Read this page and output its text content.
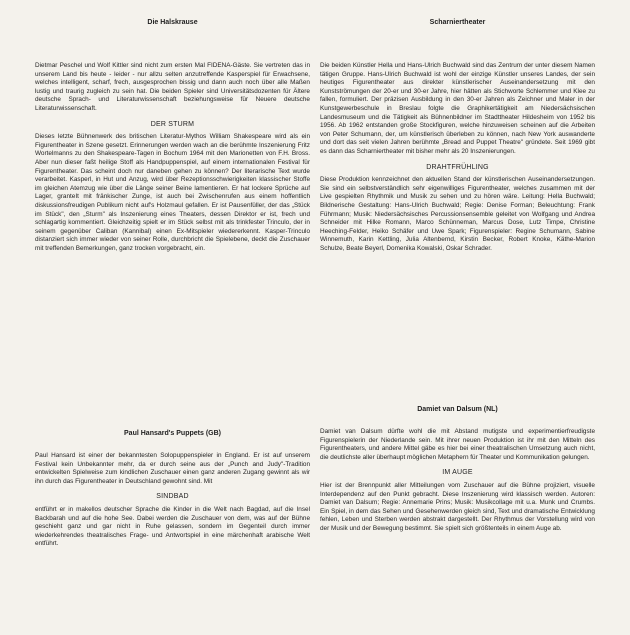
Die Halskrause

Dietmar Peschel und Wolf Kittler sind nicht zum ersten Mal FIDENA-Gäste. Sie vertreten das in unserem Land bis heute - leider - nur allzu selten anzutreffende Kasperspiel für Erwachsene, welches intelligent, scharf, frech, ausgesprochen bissig und dann auch noch über alle Maßen lustig und traurig zugleich zu sein hat. Die beiden Spieler sind Universitätsdozenten für Ältere deutsche Sprach- und Literaturwissenschaft beziehungsweise für Neuere deutsche Literaturwissenschaft.

DER STURM

Dieses letzte Bühnenwerk des britischen Literatur-Mythos William Shakespeare wird als ein Figurentheater in Szene gesetzt. Erinnerungen werden wach an die berühmte Inszenierung Fritz Wortelmanns zu den Shakespeare-Tagen in Bochum 1964 mit den Marionetten von F.H. Bross. Aber nun dieser faßt heilige Stoff als Handpuppenspiel, auf einem internationalen Festival für Figurentheater. Das scheint doch nur daneben gehen zu können? Der literarische Text wurde verarbeitet. Kasperl, in Hut und Anzug, wird über Rezeptionsschwierigkeiten klassischer Stoffe im gleichen Atemzug wie über die Länge seiner Beine lamentieren. Er hat lockere Sprüche auf Lager, granteIt mit fränkischer Zunge, ist auch bei Zwischenrufen aus einem hoffentlich diskussionsfreudigen Publikum nicht auf's Holzmaul gefallen. Er ist Pausenfüller, der das „Stück im Stück", den „Sturm" als Inszenierung eines Theaters, dessen Direktor er ist, frech und schlagartig kommentiert. Gleichzeitig spielt er im Stück selbst mit als trinkfester Trinculo, der in seinem gegenüber Caliban (Kannibal) einen Ex-Mitspieler wiedererkennt. Kasper-Trinculo distanziert sich immer wieder von seiner Rolle, durchbricht die Spielebene, deckt die Zuschauer mit treffenden Bemerkungen, ganz trocken vorgebracht, ein.

Scharniertheater

Die beiden Künstler Hella und Hans-Ulrich Buchwald sind das Zentrum der unter diesem Namen tätigen Gruppe. Hans-Ulrich Buchwald ist wohl der einzige Künstler unseres Landes, der sein heutiges Figurentheater aus direkter künstlerischer Auseinandersetzung mit den Kunstströmungen der 20-er und 30-er Jahre, hier hätten als Stichworte Schlemmer und Klee zu fallen, formuliert. Der präzisen Ausbildung in den 30-er Jahren als Zeichner und Maler in der Kunstgewerbeschule in Breslau folgte die Graphikertätigkeit am Niedersächsischen Landesmuseum und die Tätigkeit als Bühnenbildner im Stadttheater Hildesheim von 1952 bis 1956. Ab 1962 entstanden große Stockfiguren, welche hinzuweisen scheinen auf die Arbeiten von Peter Schumann, der, um künstlerisch überleben zu können, nach New York auswanderte und dort das seit vielen Jahren berühmte „Bread and Puppet Theatre" gründete. Seit 1969 gibt es dann das Scharniertheater mit bisher mehr als 20 Inszenierungen.

DRAHTFRÜHLING

Diese Produktion kennzeichnet den aktuellen Stand der künstlerischen Auseinandersetzungen. Sie sind ein selbstverständlich sehr eigenwilliges Figurentheater, welches zusammen mit der Live gespielten Rhythmik und Musik zu sehen und zu hören wäre. Leitung: Hella Buchwald; Bildnerische Gestaltung: Hans-Ulrich Buchwald; Regie: Denise Forman; Beleuchtung: Frank Führmann; Musik: Niedersächsisches Percussionsensemble geleitet von Wolfgang und Andrea Schneider mit Hilke Romann, Marco Schünneman, Marcus Dose, Lutz Timpe, Christine Heeching-Felder, Heiko Schäfer und Uwe Spark; Figurenspieler: Regine Schumann, Sabine Winnemuth, Karin Kettling, Julia Altenbernd, Kirstin Becker, Robert Knoke, Käthe-Marion Schulze, Beate Beyerl, Domenika Kowalski, Oskar Schrader.

Paul Hansard's Puppets (GB)

Paul Hansard ist einer der bekanntesten Solopuppenspieler in England. Er ist auf unserem Festival kein Unbekannter mehr, da er durch seine aus der „Punch and Judy"-Tradition entwickelten Spielweise zum kindlichen Zuschauer einen ganz anderen Zugang gewinnt als wir ihn durch das Figurentheater in Deutschland gewohnt sind. Mit

SINDBAD

entführt er in makellos deutscher Sprache die Kinder in die Welt nach Bagdad, auf die Insel Backbarah und auf die hohe See. Dabei werden die Zuschauer von dem, was auf der Bühne geschieht ganz und gar nicht in Ruhe gelassen, sondern im Gegenteil durch immer wiederkehrendes theatralisches Frage- und Antwortspiel in eine märchenhaft arabische Welt entführt.

Damiet van Dalsum (NL)

Damiet van Dalsum dürfte wohl die mit Abstand mutigste und experimentierfreudigste Figurenspielerin der Niederlande sein. Mit ihrer neuen Produktion ist ihr mit den Mitteln des Figurentheaters, und andere Mittel gäbe es hier bei einer theatralischen Umsetzung auch nicht, die deutlichste aller überhaupt möglichen Metaphern für Theater und Kommunikation gelungen.

IM AUGE

Hier ist der Brennpunkt aller Mitteilungen vom Zuschauer auf die Bühne projiziert, visuelle Interdependenz auf den Punkt gebracht. Diese Inszenierung wird klassisch werden. Autoren: Damiet van Dalsum; Regie: Annemarie Prins; Musik: Musikcollage mit u.a. Munk und Crumbs. Ein Spiel, in dem das Sehen und Gesehenwerden gleich sind, Text und dramatische Entwicklung fehlen, Leben und Sterben werden abstrakt dargestellt. Der Rhythmus der Vorstellung wird von der Musik und der Bewegung bestimmt. Sie spielt sich größtenteils in einem Auge ab.
